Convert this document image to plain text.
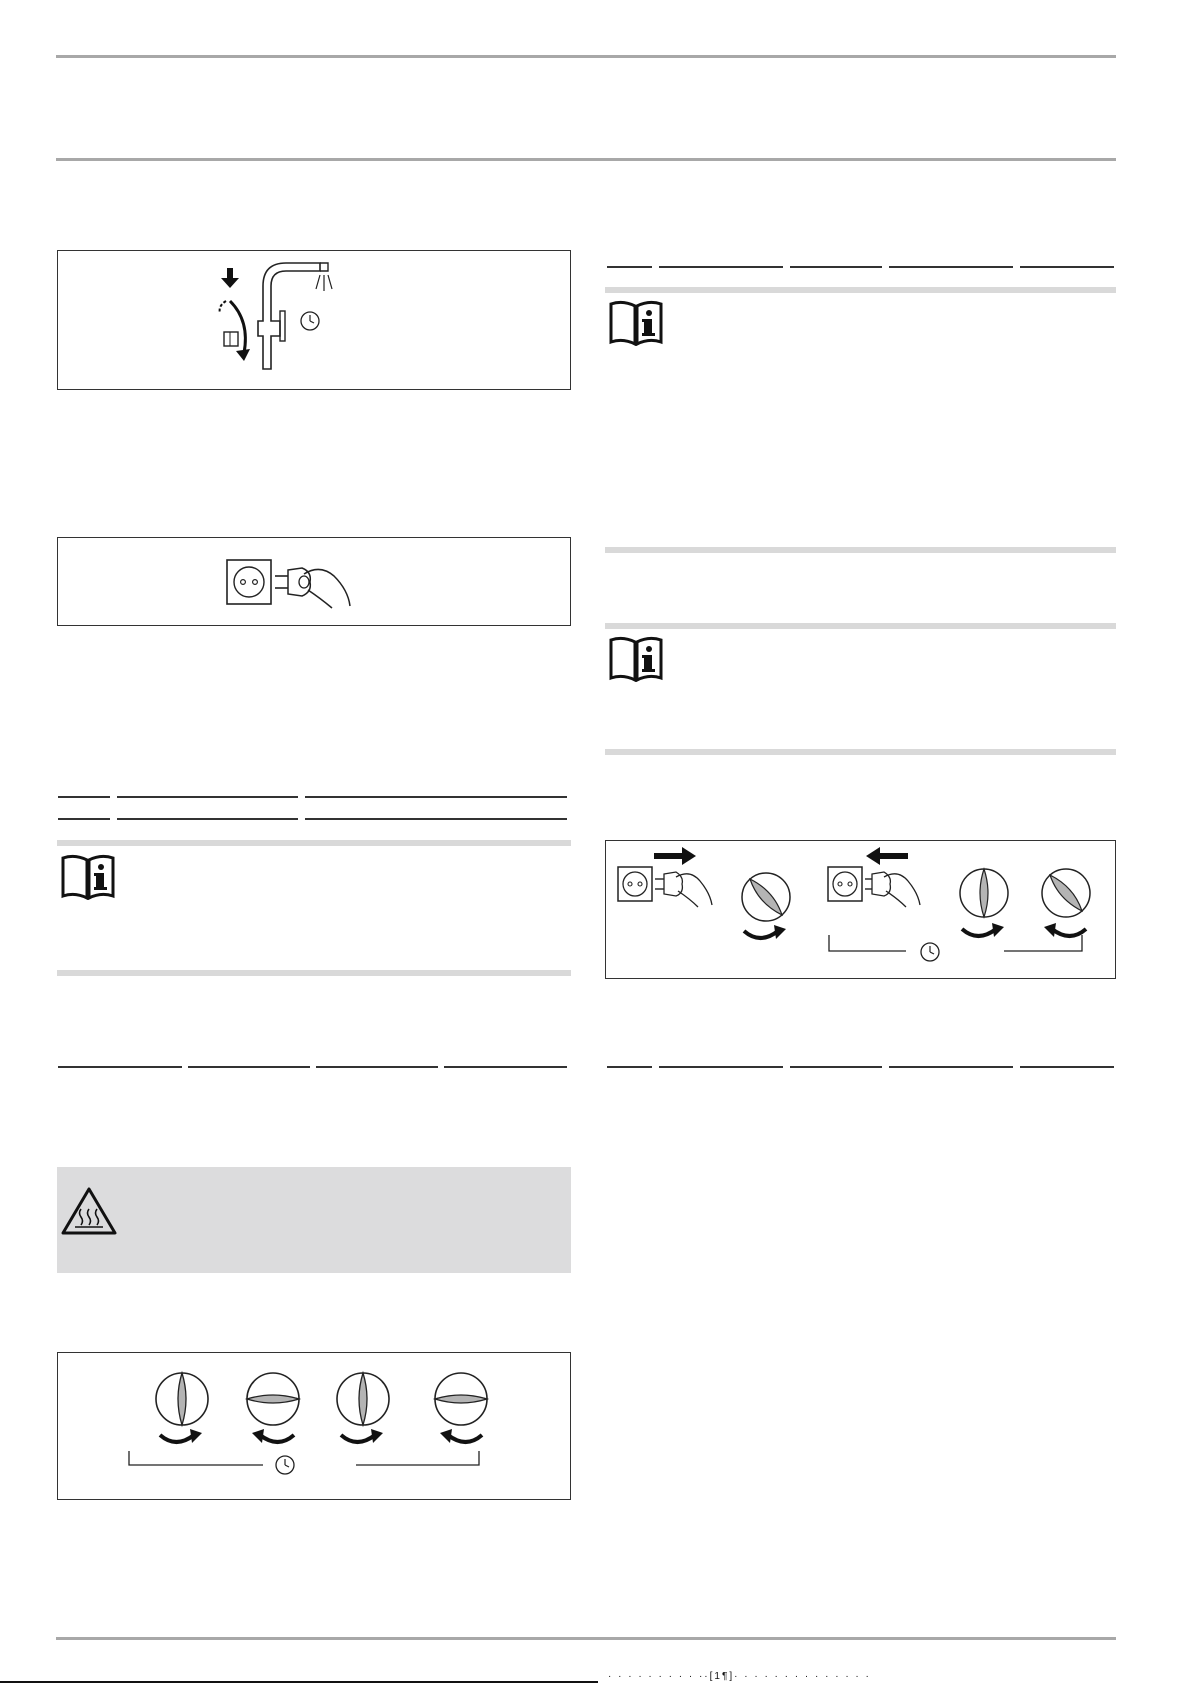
· · · · · · · · · ··[1¶]· · · · · · · · · · · · · ·
